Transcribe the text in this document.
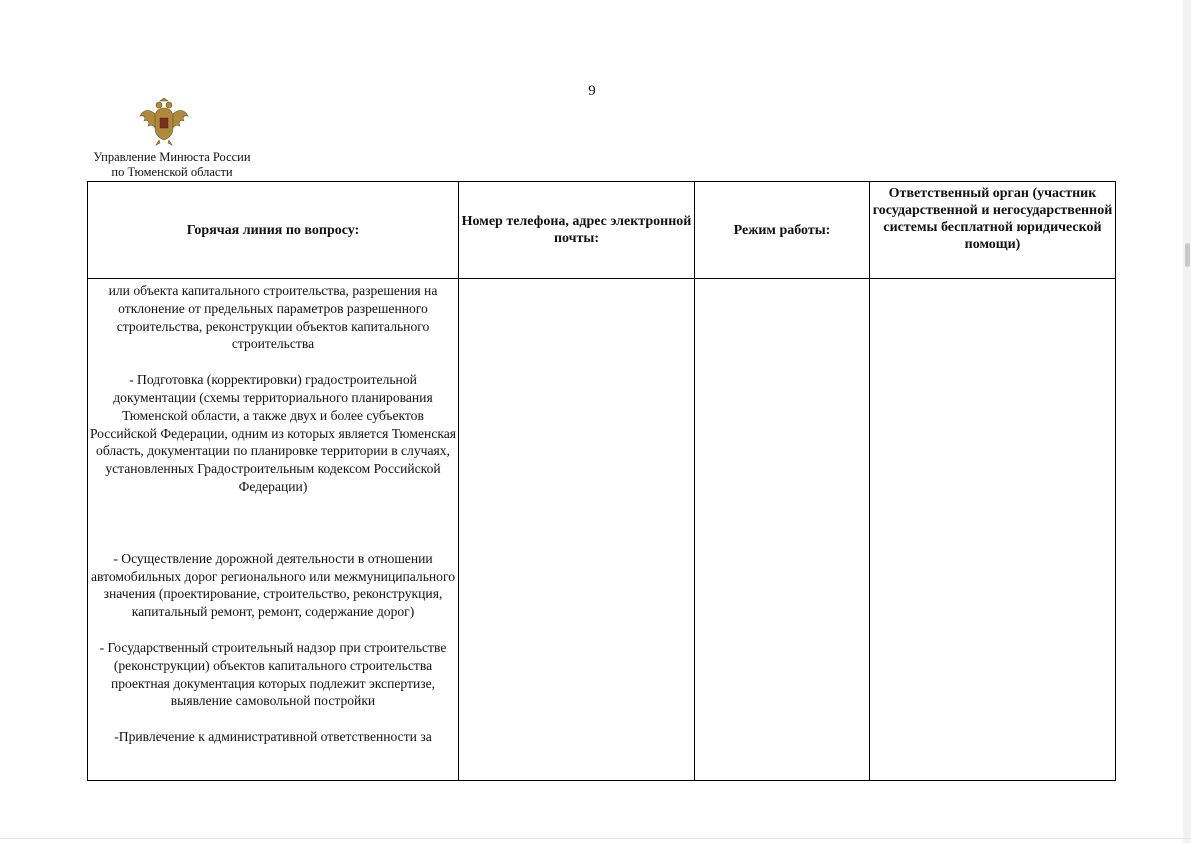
9
Управление Минюста России
по Тюменской области
Горячая линия по вопросу:	Номер телефона, адрес электронной почты:	Режим работы:	Ответственный орган (участник государственной и негосударственной системы бесплатной юридической помощи)

или объекта капитального строительства, разрешения на отклонение от предельных параметров разрешенного строительства, реконструкции объектов капитального строительства

- Подготовка (корректировки) градостроительной документации (схемы территориального планирования Тюменской области, а также двух и более субъектов Российской Федерации, одним из которых является Тюменская область, документации по планировке территории в случаях, установленных Градостроительным кодексом Российской Федерации)

- Осуществление дорожной деятельности в отношении автомобильных дорог регионального или межмуниципального значения (проектирование, строительство, реконструкция, капитальный ремонт, ремонт, содержание дорог)

- Государственный строительный надзор при строительстве (реконструкции) объектов капитального строительства проектная документация которых подлежит экспертизе, выявление самовольной постройки

-Привлечение к административной ответственности за			
